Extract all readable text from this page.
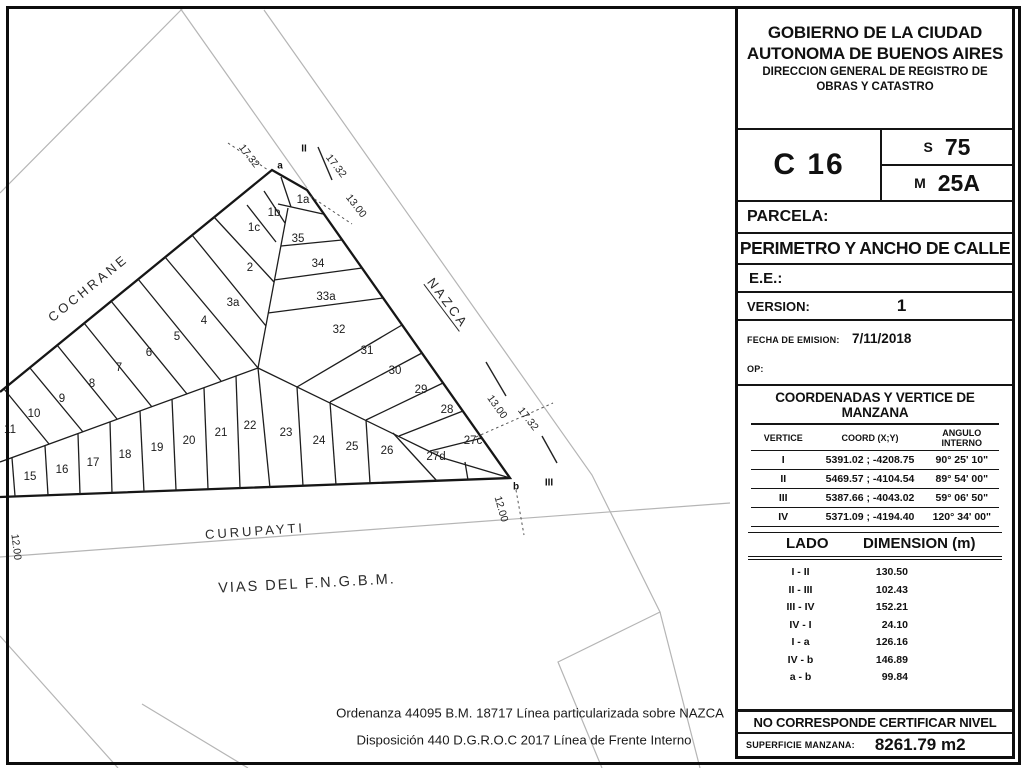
COCHRANE	NAZCA
CURUPAYTI
VIAS DEL F.N.G.B.M.
1a
1b
1c
2
3a
4
5
6
7
8
9
10
11
15
16
17
18
19
20
21
22
23
24 25 26	27d
27c
28
29
30
31
32
33a
34
35
17.32	17.32
13.00
13.00 17.32
12.00
12.00
II
a
b	III
Ordenanza 44095 B.M. 18717 Línea particularizada sobre NAZCA
Disposición 440 D.G.R.O.C 2017 Línea de Frente Interno
GOBIERNO DE LA CIUDAD
AUTONOMA DE BUENOS AIRES
DIRECCION GENERAL DE REGISTRO DE
OBRAS Y CATASTRO
C 16
S 75
M 25A
PARCELA:
PERIMETRO Y ANCHO DE CALLE
E.E.:
VERSION:	1
FECHA DE EMISION: 7/11/2018
OP:
COORDENADAS Y VERTICE DE MANZANA
VERTICE	COORD (X;Y)	ANGULO INTERNO
I	5391.02 ; -4208.75	90° 25' 10"
II	5469.57 ; -4104.54	89° 54' 00"
III	5387.66 ; -4043.02	59° 06' 50"
IV	5371.09 ; -4194.40	120° 34' 00"
LADO DIMENSION (m)
I - II	130.50
II - III	102.43
III - IV	152.21
IV - I	24.10
I - a	126.16
IV - b	146.89
a - b	99.84
NO CORRESPONDE CERTIFICAR NIVEL
SUPERFICIE MANZANA: 8261.79 m2
